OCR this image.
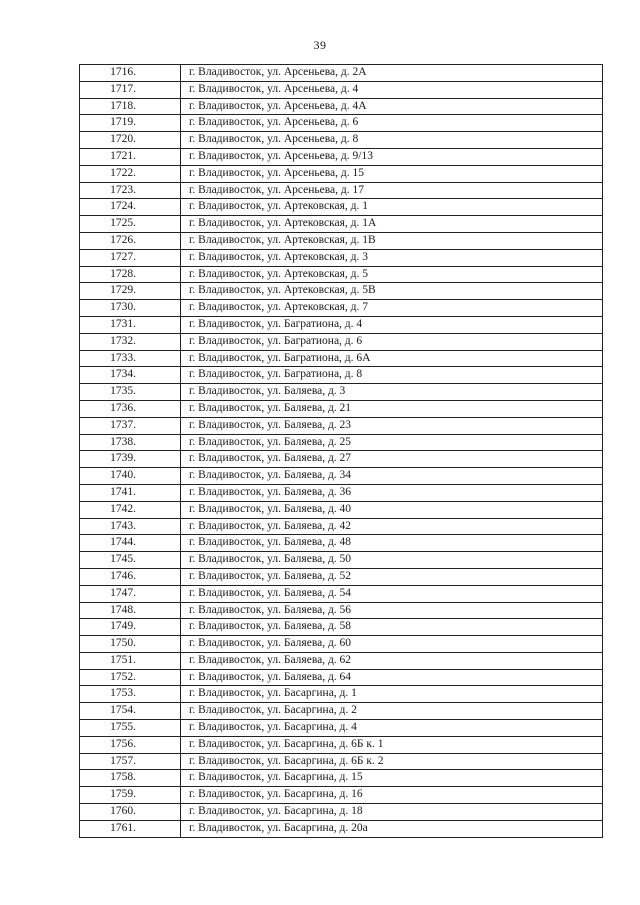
39
1716.	г. Владивосток, ул. Арсеньева, д. 2А
1717.	г. Владивосток, ул. Арсеньева, д. 4
1718.	г. Владивосток, ул. Арсеньева, д. 4А
1719.	г. Владивосток, ул. Арсеньева, д. 6
1720.	г. Владивосток, ул. Арсеньева, д. 8
1721.	г. Владивосток, ул. Арсеньева, д. 9/13
1722.	г. Владивосток, ул. Арсеньева, д. 15
1723.	г. Владивосток, ул. Арсеньева, д. 17
1724.	г. Владивосток, ул. Артековская, д. 1
1725.	г. Владивосток, ул. Артековская, д. 1А
1726.	г. Владивосток, ул. Артековская, д. 1В
1727.	г. Владивосток, ул. Артековская, д. 3
1728.	г. Владивосток, ул. Артековская, д. 5
1729.	г. Владивосток, ул. Артековская, д. 5В
1730.	г. Владивосток, ул. Артековская, д. 7
1731.	г. Владивосток, ул. Багратиона, д. 4
1732.	г. Владивосток, ул. Багратиона, д. 6
1733.	г. Владивосток, ул. Багратиона, д. 6А
1734.	г. Владивосток, ул. Багратиона, д. 8
1735.	г. Владивосток, ул. Баляева, д. 3
1736.	г. Владивосток, ул. Баляева, д. 21
1737.	г. Владивосток, ул. Баляева, д. 23
1738.	г. Владивосток, ул. Баляева, д. 25
1739.	г. Владивосток, ул. Баляева, д. 27
1740.	г. Владивосток, ул. Баляева, д. 34
1741.	г. Владивосток, ул. Баляева, д. 36
1742.	г. Владивосток, ул. Баляева, д. 40
1743.	г. Владивосток, ул. Баляева, д. 42
1744.	г. Владивосток, ул. Баляева, д. 48
1745.	г. Владивосток, ул. Баляева, д. 50
1746.	г. Владивосток, ул. Баляева, д. 52
1747.	г. Владивосток, ул. Баляева, д. 54
1748.	г. Владивосток, ул. Баляева, д. 56
1749.	г. Владивосток, ул. Баляева, д. 58
1750.	г. Владивосток, ул. Баляева, д. 60
1751.	г. Владивосток, ул. Баляева, д. 62
1752.	г. Владивосток, ул. Баляева, д. 64
1753.	г. Владивосток, ул. Басаргина, д. 1
1754.	г. Владивосток, ул. Басаргина, д. 2
1755.	г. Владивосток, ул. Басаргина, д. 4
1756.	г. Владивосток, ул. Басаргина, д. 6Б к. 1
1757.	г. Владивосток, ул. Басаргина, д. 6Б к. 2
1758.	г. Владивосток, ул. Басаргина, д. 15
1759.	г. Владивосток, ул. Басаргина, д. 16
1760.	г. Владивосток, ул. Басаргина, д. 18
1761.	г. Владивосток, ул. Басаргина, д. 20а
